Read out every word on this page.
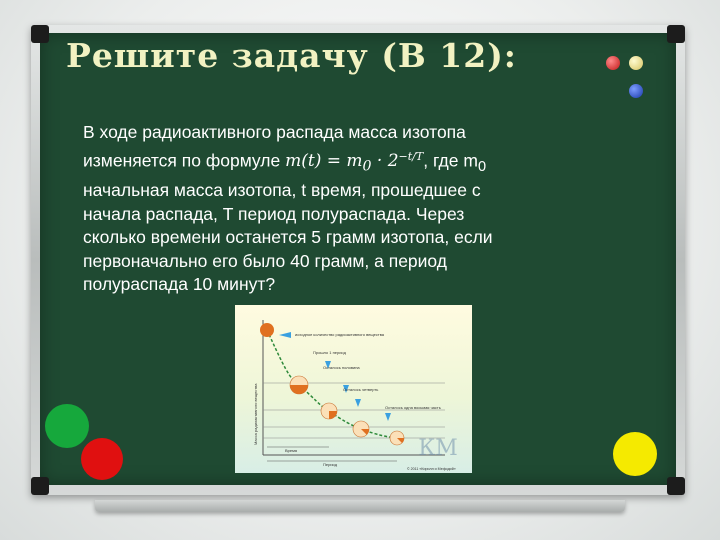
Решите задачу (В 12):
В ходе радиоактивного распада масса изотопа
изменяется по формуле $m(t) = m_0 \cdot 2^{-t/T}$, где $m_0$
начальная масса изотопа, t время, прошедшее с
начала распада, T период полураспада. Через
сколько времени останется 5 грамм изотопа, если
первоначально его было 40 грамм, а период
полураспада 10 минут?
исходное количество радиоактивного вещества
Прошло 1 период
Осталось половина
Осталось четверть
Осталось одна восьмая часть
Время
Период
Масса радиоактивного вещества
© 2011 «Кирилл и Мефодий»
КМ
